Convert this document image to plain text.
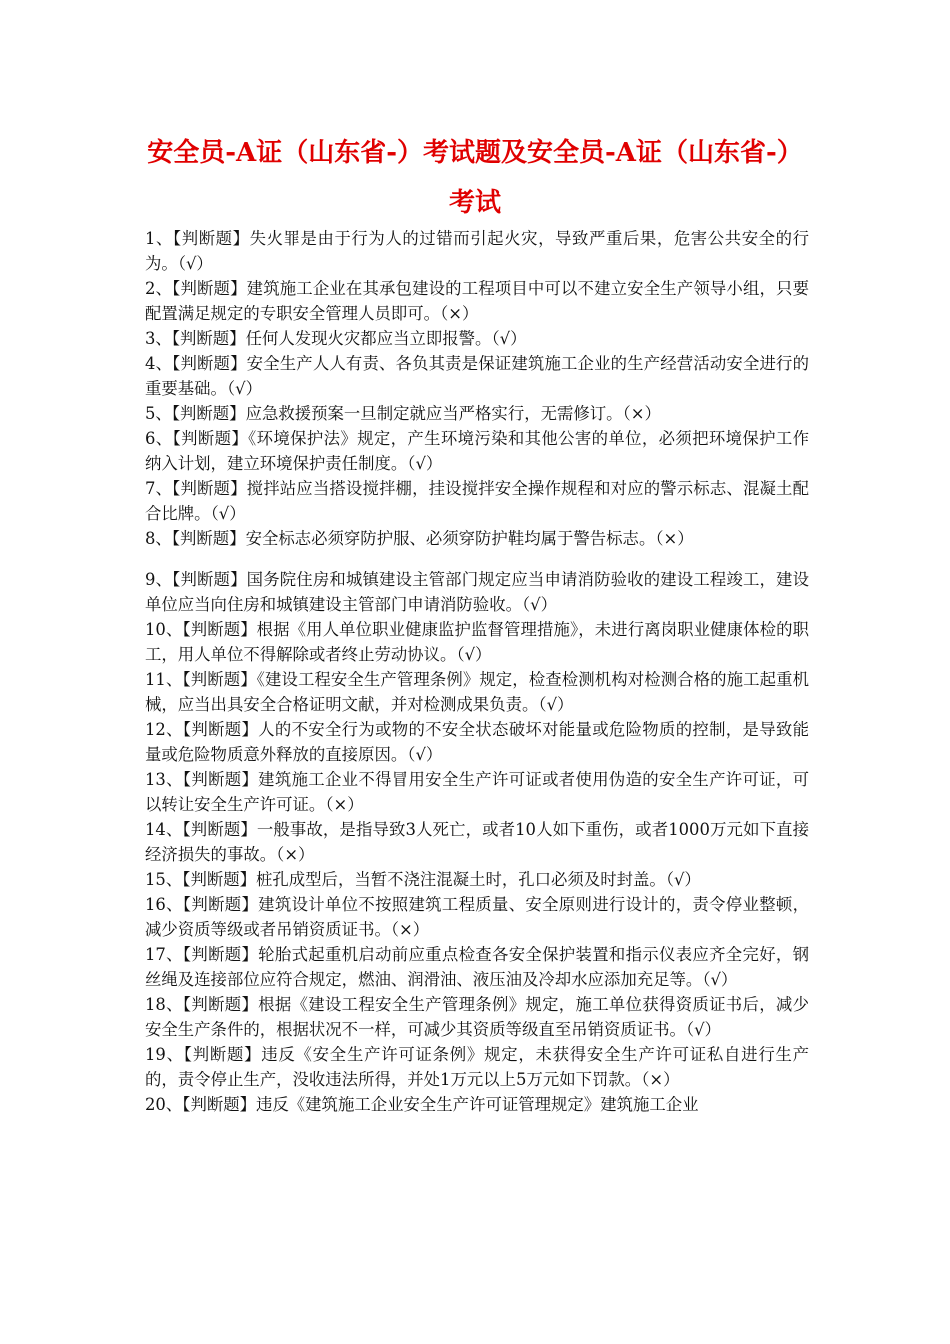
安全员-A证（山东省-）考试题及安全员-A证（山东省-）
考试

1、【判断题】失火罪是由于行为人的过错而引起火灾，导致严重后果，危害公共安全的行为。（√）

2、【判断题】建筑施工企业在其承包建设的工程项目中可以不建立安全生产领导小组，只要配置满足规定的专职安全管理人员即可。（×）

3、【判断题】任何人发现火灾都应当立即报警。（√）

4、【判断题】安全生产人人有责、各负其责是保证建筑施工企业的生产经营活动安全进行的重要基础。（√）

5、【判断题】应急救援预案一旦制定就应当严格实行，无需修订。（×）

6、【判断题】《环境保护法》规定，产生环境污染和其他公害的单位，必须把环境保护工作纳入计划，建立环境保护责任制度。（√）

7、【判断题】搅拌站应当搭设搅拌棚，挂设搅拌安全操作规程和对应的警示标志、混凝土配合比牌。（√）

8、【判断题】安全标志必须穿防护服、必须穿防护鞋均属于警告标志。（×）

9、【判断题】国务院住房和城镇建设主管部门规定应当申请消防验收的建设工程竣工，建设单位应当向住房和城镇建设主管部门申请消防验收。（√）

10、【判断题】根据《用人单位职业健康监护监督管理措施》，未进行离岗职业健康体检的职工，用人单位不得解除或者终止劳动协议。（√）

11、【判断题】《建设工程安全生产管理条例》规定，检查检测机构对检测合格的施工起重机械，应当出具安全合格证明文献，并对检测成果负责。（√）

12、【判断题】人的不安全行为或物的不安全状态破坏对能量或危险物质的控制，是导致能量或危险物质意外释放的直接原因。（√）

13、【判断题】建筑施工企业不得冒用安全生产许可证或者使用伪造的安全生产许可证，可以转让安全生产许可证。（×）

14、【判断题】一般事故，是指导致3人死亡，或者10人如下重伤，或者1000万元如下直接经济损失的事故。（×）

15、【判断题】桩孔成型后，当暂不浇注混凝土时，孔口必须及时封盖。（√）

16、【判断题】建筑设计单位不按照建筑工程质量、安全原则进行设计的，责令停业整顿，减少资质等级或者吊销资质证书。（×）

17、【判断题】轮胎式起重机启动前应重点检查各安全保护装置和指示仪表应齐全完好，钢丝绳及连接部位应符合规定，燃油、润滑油、液压油及冷却水应添加充足等。（√）

18、【判断题】根据《建设工程安全生产管理条例》规定，施工单位获得资质证书后，减少安全生产条件的，根据状况不一样，可减少其资质等级直至吊销资质证书。（√）

19、【判断题】违反《安全生产许可证条例》规定，未获得安全生产许可证私自进行生产的，责令停止生产，没收违法所得，并处1万元以上5万元如下罚款。（×）

20、【判断题】违反《建筑施工企业安全生产许可证管理规定》建筑施工企业
